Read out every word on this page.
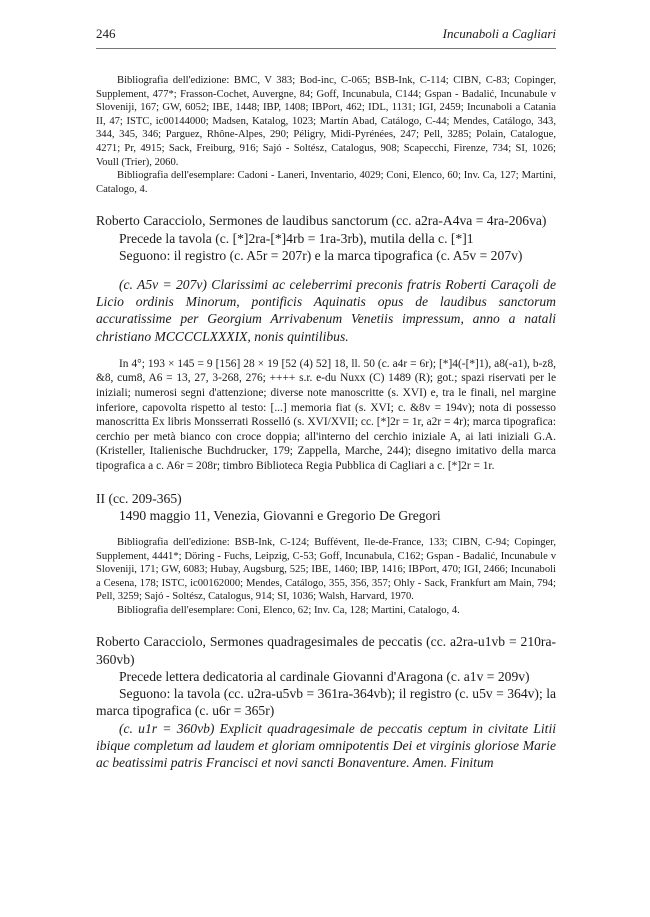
246	Incunaboli a Cagliari

Bibliografia dell'edizione: BMC, V 383; Bod-inc, C-065; BSB-Ink, C-114; CIBN, C-83; Copinger, Supplement, 477*; Frasson-Cochet, Auvergne, 84; Goff, Incunabula, C144; Gspan - Badalić, Incunabule v Sloveniji, 167; GW, 6052; IBE, 1448; IBP, 1408; IBPort, 462; IDL, 1131; IGI, 2459; Incunaboli a Catania II, 47; ISTC, ic00144000; Madsen, Katalog, 1023; Martín Abad, Catálogo, C-44; Mendes, Catálogo, 343, 344, 345, 346; Parguez, Rhône-Alpes, 290; Péligry, Midi-Pyrénées, 247; Pell, 3285; Polain, Catalogue, 4271; Pr, 4915; Sack, Freiburg, 916; Sajó - Soltész, Catalogus, 908; Scapecchi, Firenze, 734; SI, 1026; Voull (Trier), 2060.

Bibliografia dell'esemplare: Cadoni - Laneri, Inventario, 4029; Coni, Elenco, 60; Inv. Ca, 127; Martini, Catalogo, 4.

Roberto Caracciolo, Sermones de laudibus sanctorum (cc. a2ra-A4va = 4ra-206va)

Precede la tavola (c. [*]2ra-[*]4rb = 1ra-3rb), mutila della c. [*]1

Seguono: il registro (c. A5r = 207r) e la marca tipografica (c. A5v = 207v)

(c. A5v = 207v) Clarissimi ac celeberrimi preconis fratris Roberti Caraçoli de Licio ordinis Minorum, pontificis Aquinatis opus de laudibus sanctorum accuratissime per Georgium Arrivabenum Venetiis impressum, anno a natali christiano MCCCCLXXXIX, nonis quintilibus.

In 4°; 193 × 145 = 9 [156] 28 × 19 [52 (4) 52] 18, ll. 50 (c. a4r = 6r); [*]4(-[*]1), a8(-a1), b-z8, &8, cum8, A6 = 13, 27, 3-268, 276; ++++ s.r. e-du Nuxx (C) 1489 (R); got.; spazi riservati per le iniziali; numerosi segni d'attenzione; diverse note manoscritte (s. XVI) e, tra le finali, nel margine inferiore, capovolta rispetto al testo: [...] memoria fiat (s. XVI; c. &8v = 194v); nota di possesso manoscritta Ex libris Monsserrati Rosselló (s. XVI/XVII; cc. [*]2r = 1r, a2r = 4r); marca tipografica: cerchio per metà bianco con croce doppia; all'interno del cerchio iniziale A, ai lati iniziali G.A. (Kristeller, Italienische Buchdrucker, 179; Zappella, Marche, 244); disegno imitativo della marca tipografica a c. A6r = 208r; timbro Biblioteca Regia Pubblica di Cagliari a c. [*]2r = 1r.

II (cc. 209-365)

1490 maggio 11, Venezia, Giovanni e Gregorio De Gregori

Bibliografia dell'edizione: BSB-Ink, C-124; Buffévent, Ile-de-France, 133; CIBN, C-94; Copinger, Supplement, 4441*; Döring - Fuchs, Leipzig, C-53; Goff, Incunabula, C162; Gspan - Badalić, Incunabule v Sloveniji, 171; GW, 6083; Hubay, Augsburg, 525; IBE, 1460; IBP, 1416; IBPort, 470; IGI, 2466; Incunaboli a Cesena, 178; ISTC, ic00162000; Mendes, Catálogo, 355, 356, 357; Ohly - Sack, Frankfurt am Main, 794; Pell, 3259; Sajó - Soltész, Catalogus, 914; SI, 1036; Walsh, Harvard, 1970.

Bibliografia dell'esemplare: Coni, Elenco, 62; Inv. Ca, 128; Martini, Catalogo, 4.

Roberto Caracciolo, Sermones quadragesimales de peccatis (cc. a2ra-u1vb = 210ra-360vb)

Precede lettera dedicatoria al cardinale Giovanni d'Aragona (c. a1v = 209v)

Seguono: la tavola (cc. u2ra-u5vb = 361ra-364vb); il registro (c. u5v = 364v); la marca tipografica (c. u6r = 365r)

(c. u1r = 360vb) Explicit quadragesimale de peccatis ceptum in civitate Litii ibique completum ad laudem et gloriam omnipotentis Dei et virginis gloriose Marie ac beatissimi patris Francisci et novi sancti Bonaventure. Amen. Finitum
